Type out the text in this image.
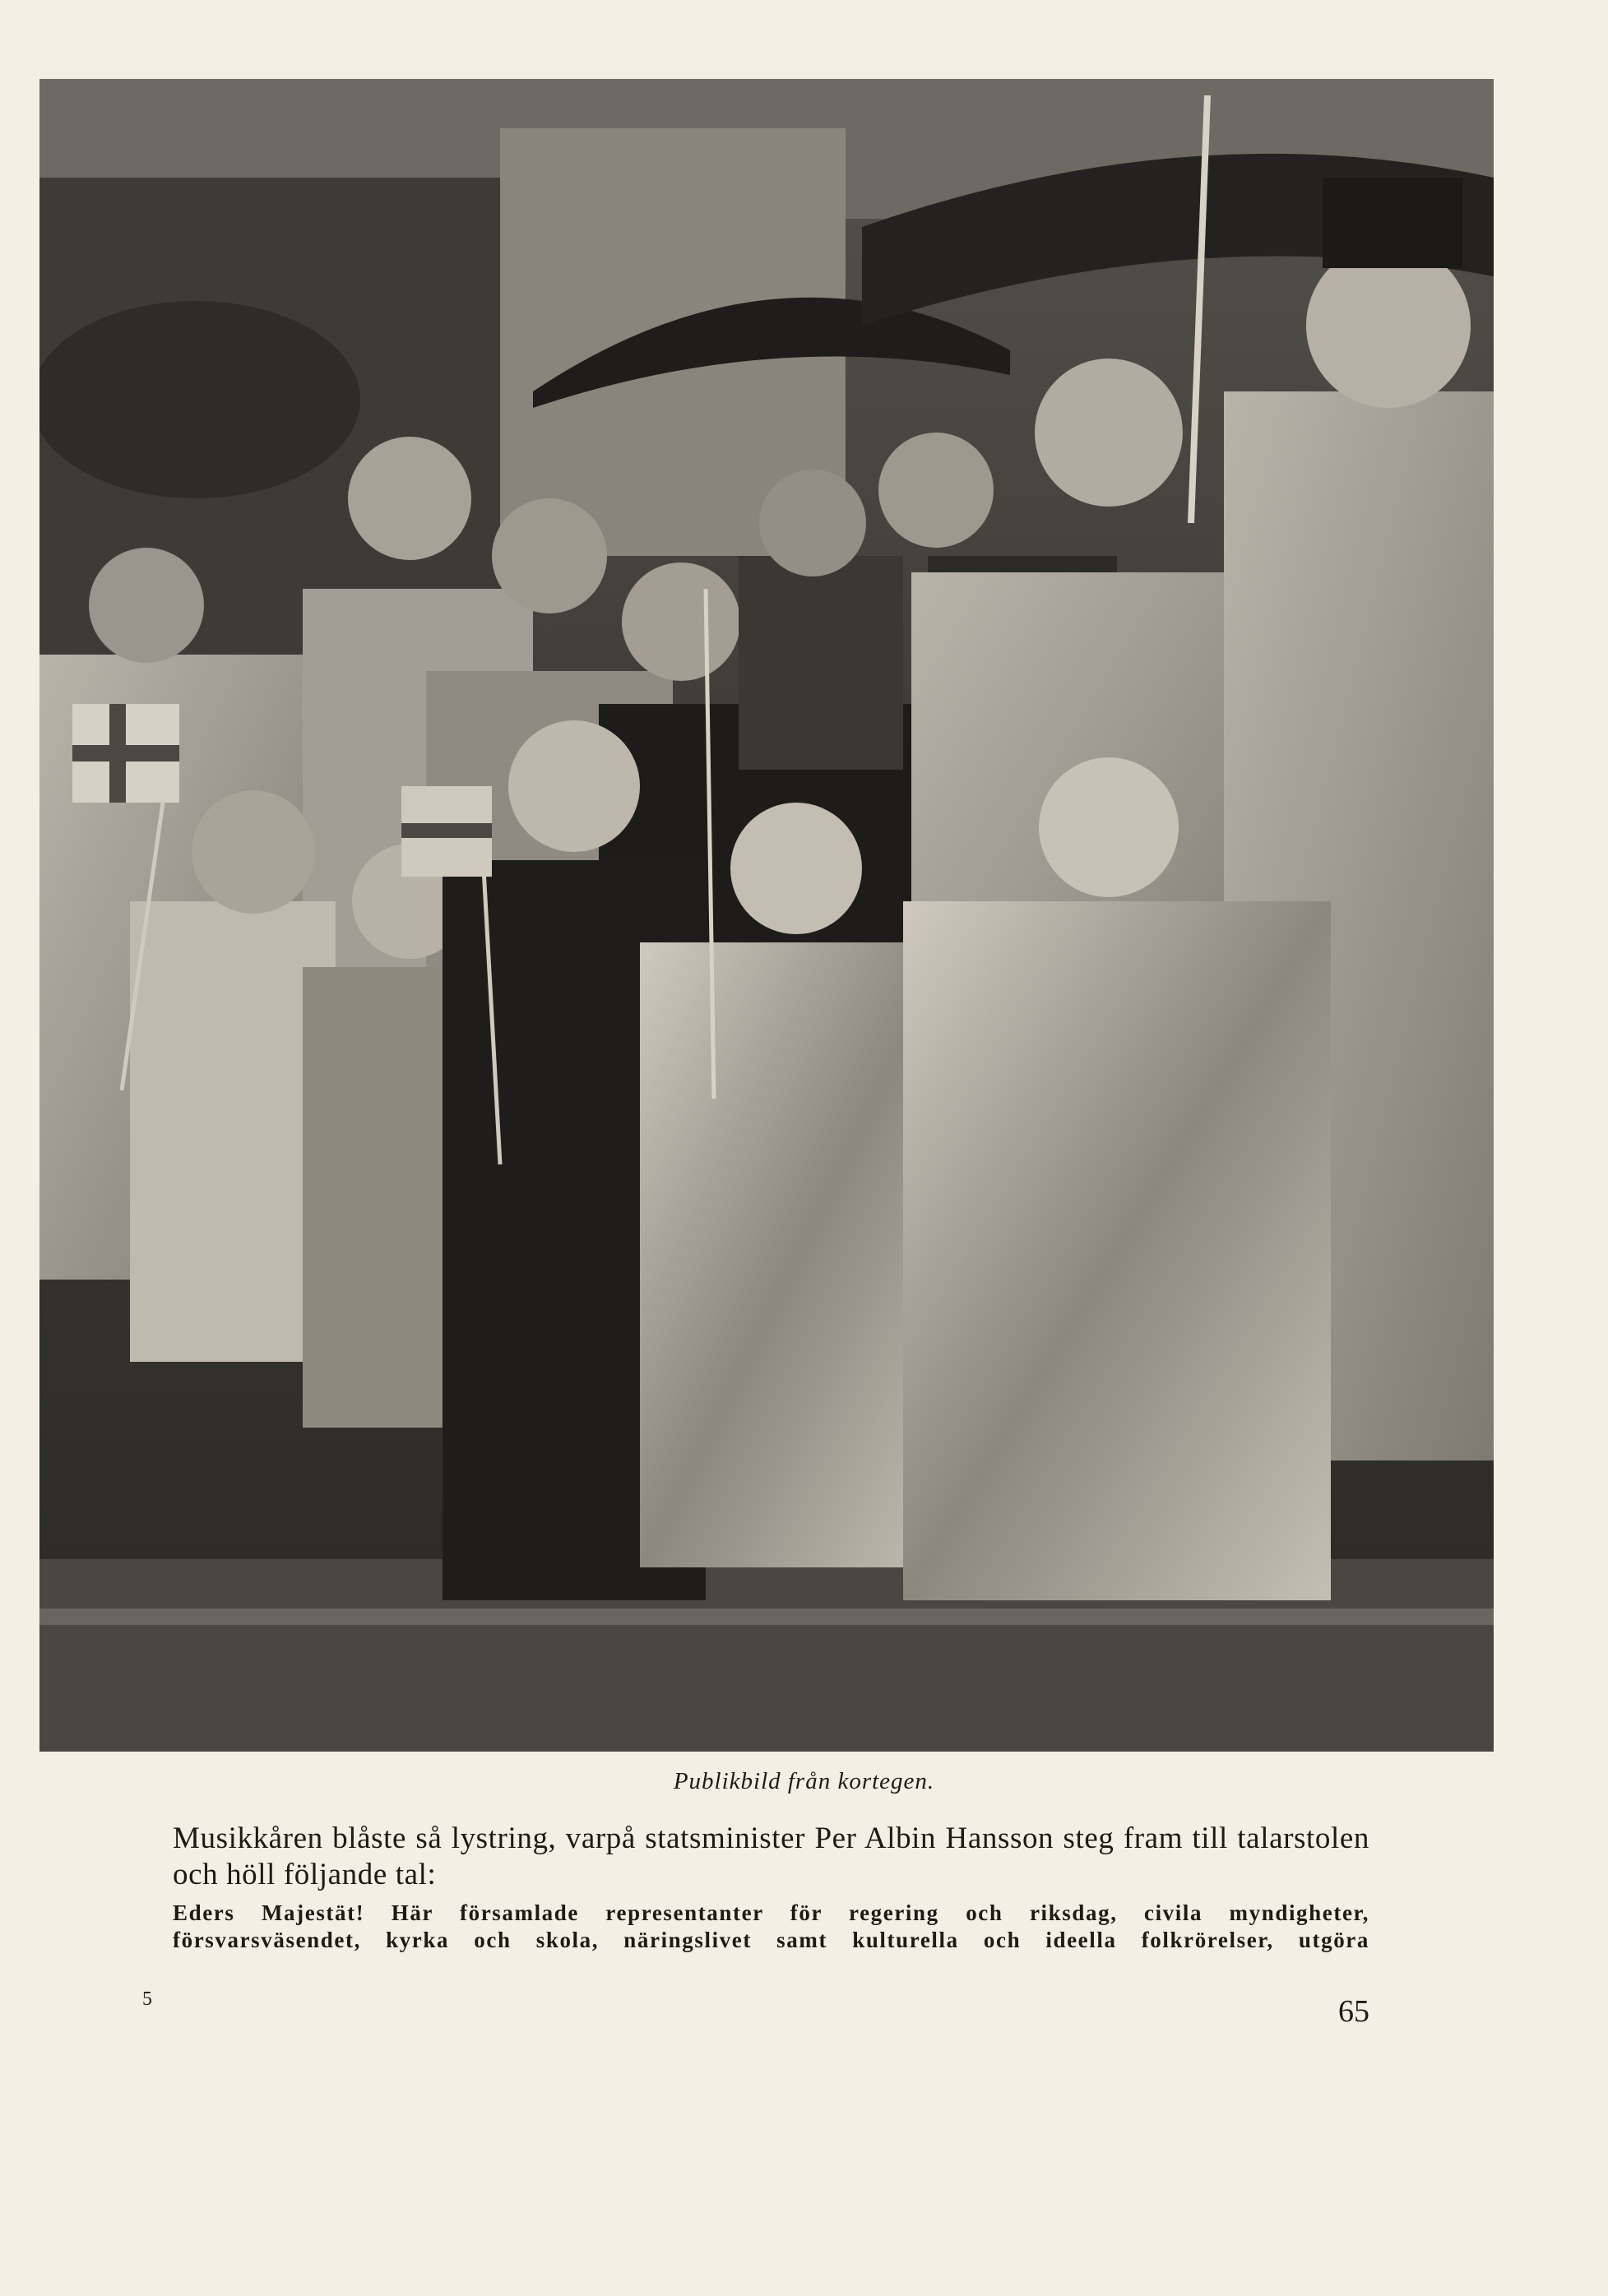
Publikbild från kortegen.
Musikkåren blåste så lystring, varpå statsminister Per Albin Hansson steg fram till talarstolen och höll följande tal:
Eders Majestät! Här församlade representanter för regering och riksdag, civila myndigheter,
försvarsväsendet, kyrka och skola, näringslivet samt kulturella och ideella folkrörelser, utgöra
5	65
